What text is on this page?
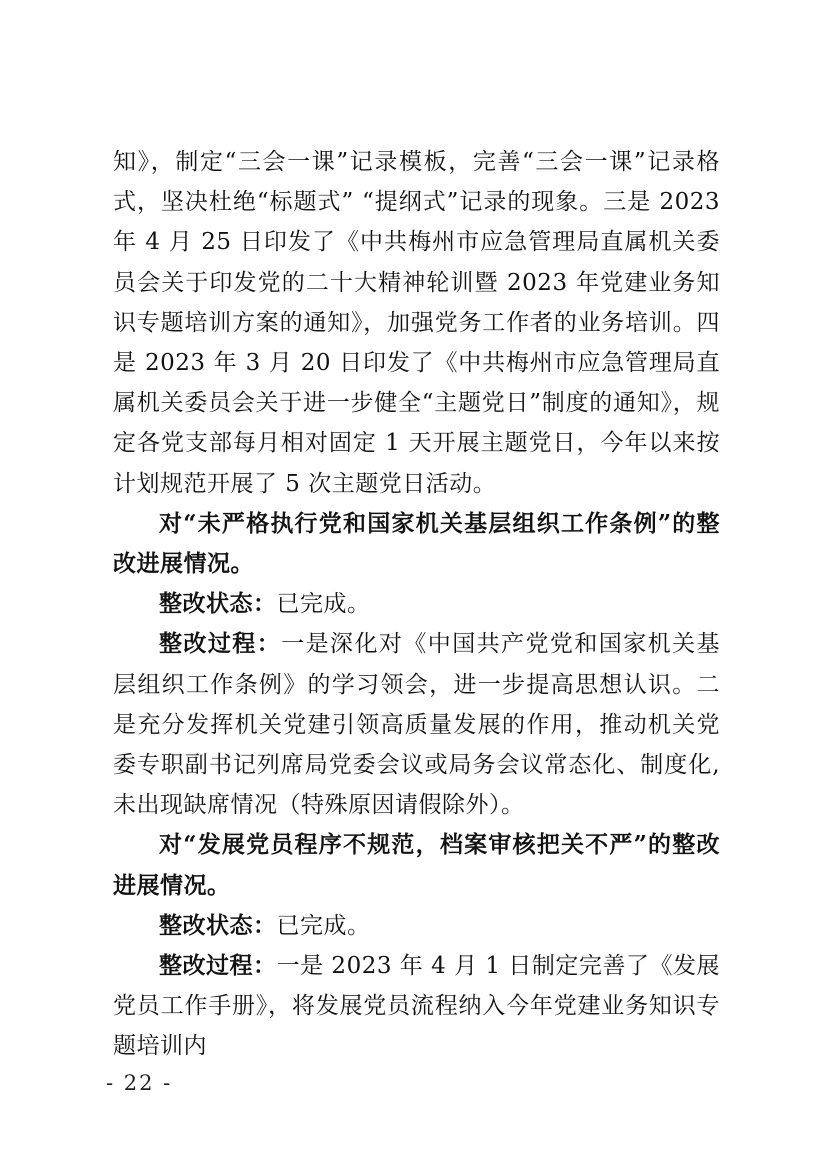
知》，制定“三会一课”记录模板，完善“三会一课”记录格式，坚决杜绝“标题式” “提纲式”记录的现象。三是 2023 年 4 月 25 日印发了《中共梅州市应急管理局直属机关委员会关于印发党的二十大精神轮训暨 2023 年党建业务知识专题培训方案的通知》，加强党务工作者的业务培训。四是 2023 年 3 月 20 日印发了《中共梅州市应急管理局直属机关委员会关于进一步健全“主题党日”制度的通知》，规定各党支部每月相对固定 1 天开展主题党日，今年以来按计划规范开展了 5 次主题党日活动。

对“未严格执行党和国家机关基层组织工作条例”的整改进展情况。

整改状态：已完成。

整改过程：一是深化对《中国共产党党和国家机关基层组织工作条例》的学习领会，进一步提高思想认识。二是充分发挥机关党建引领高质量发展的作用，推动机关党委专职副书记列席局党委会议或局务会议常态化、制度化,未出现缺席情况（特殊原因请假除外）。

对“发展党员程序不规范，档案审核把关不严”的整改进展情况。

整改状态：已完成。

整改过程：一是 2023 年 4 月 1 日制定完善了《发展党员工作手册》，将发展党员流程纳入今年党建业务知识专题培训内

- 22 -
